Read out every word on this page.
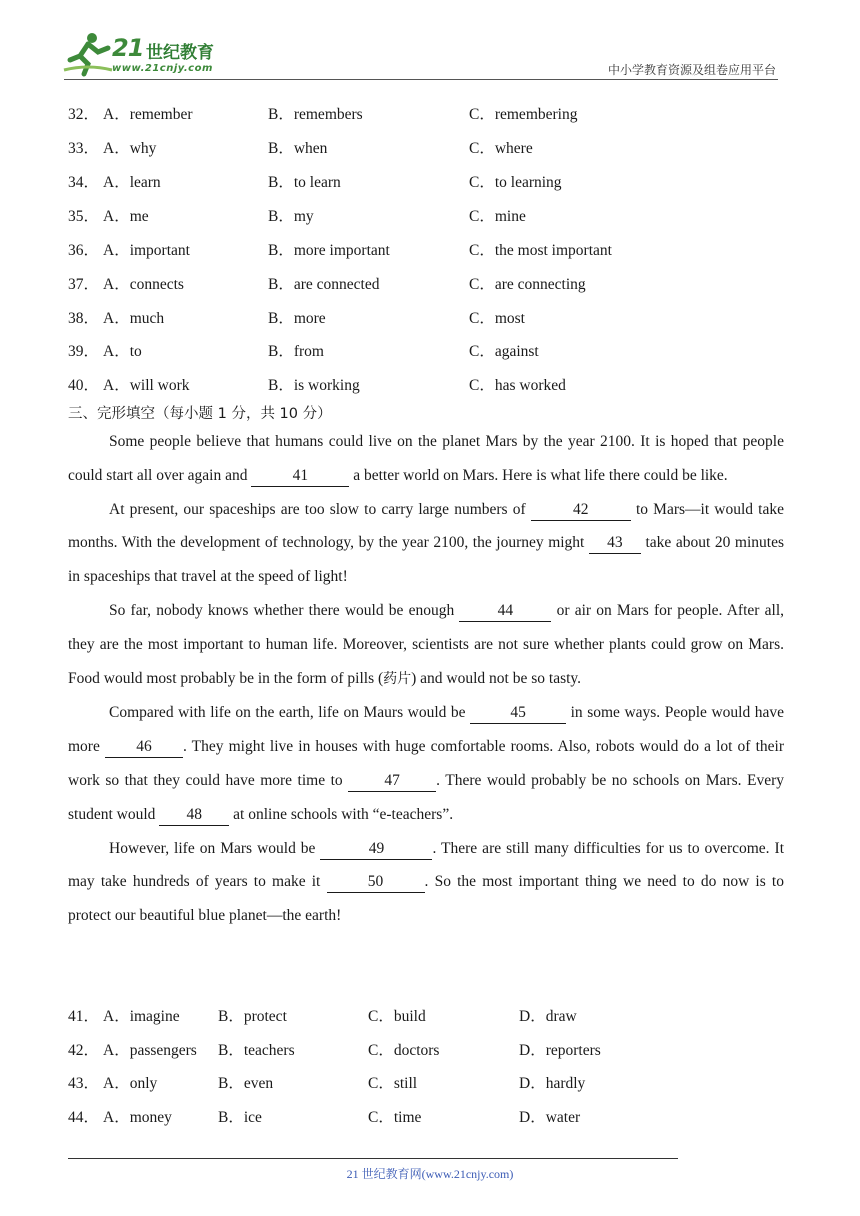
21 世纪教育
www.21cnjy.com	中小学教育资源及组卷应用平台
32． A．remember	B．remembers	C．remembering
33． A．why	B．when	C．where
34． A．learn	B．to learn	C．to learning
35． A．me	B．my	C．mine
36． A．important	B．more important	C．the most important
37． A．connects	B．are connected	C．are connecting
38． A．much	B．more	C．most
39． A．to	B．from	C．against
40． A．will work	B．is working	C．has worked
三、完形填空（每小题 1 分，共 10 分）

Some people believe that humans could live on the planet Mars by the year 2100. It is hoped that people could start all over again and	41	a better world on Mars. Here is what life there could be like.

At present, our spaceships are too slow to carry large numbers of	42	to Mars—it would take months. With the development of technology, by the year 2100, the journey might 43 take about 20 minutes in spaceships that travel at the speed of light!

So far, nobody knows whether there would be enough 44 or air on Mars for people. After all, they are the most important to human life. Moreover, scientists are not sure whether plants could grow on Mars. Food would most probably be in the form of pills (药片) and would not be so tasty.

Compared with life on the earth, life on Maurs would be	45	in some ways. People would have more 46 . They might live in houses with huge comfortable rooms. Also, robots would do a lot of their work so that they could have more time to 47 . There would probably be no schools on Mars. Every student would 48 at online schools with “e-teachers”.

However, life on Mars would be	49	. There are still many difficulties for us to overcome. It may take hundreds of years to make it	50	. So the most important thing we need to do now is to protect our beautiful blue planet—the earth!

41． A．imagine B．protect	C．build	D．draw
42． A．passengers B．teachers	C．doctors	D．reporters
43． A．only	B．even	C．still	D．hardly
44． A．money	B．ice	C．time	D．water
21 世纪教育网(www.21cnjy.com)
